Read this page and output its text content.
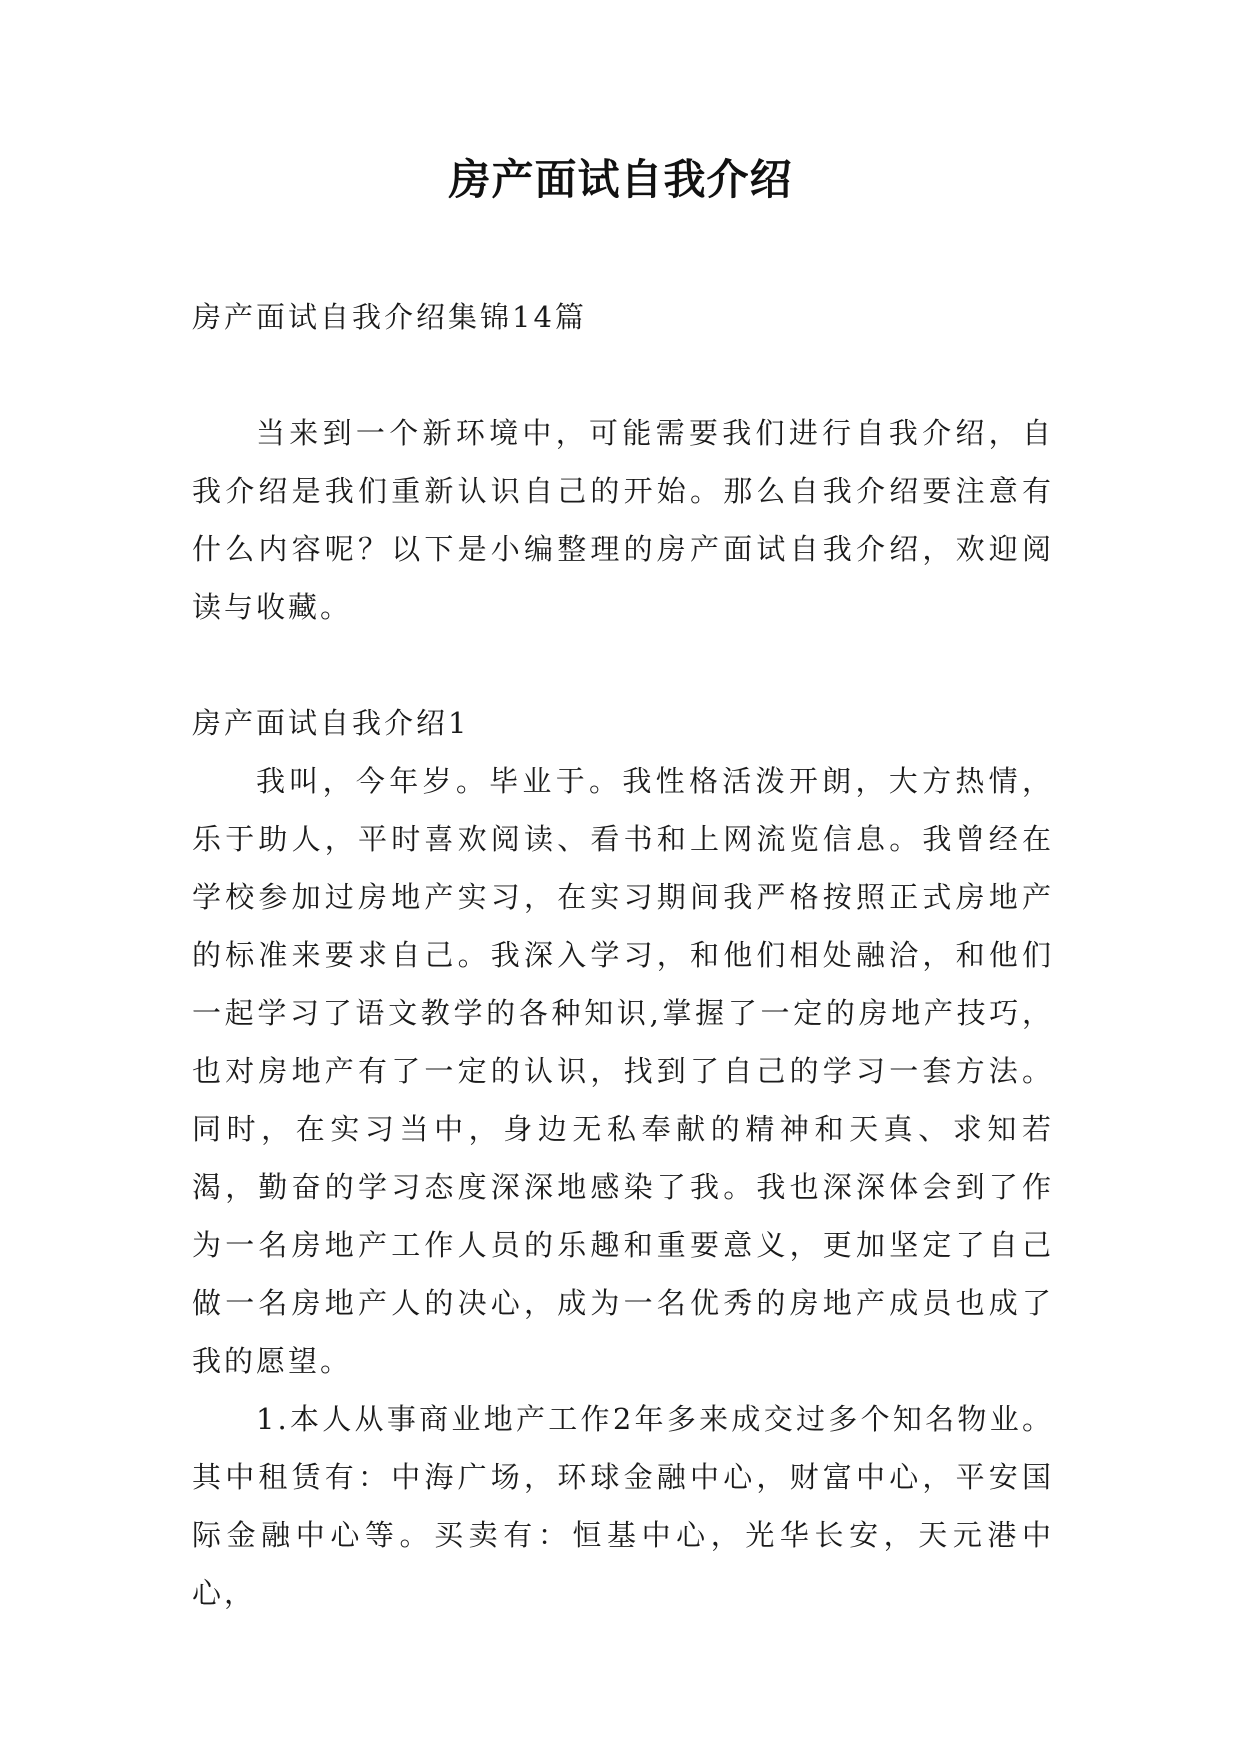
房产面试自我介绍

房产面试自我介绍集锦14篇

当来到一个新环境中，可能需要我们进行自我介绍，自我介绍是我们重新认识自己的开始。那么自我介绍要注意有什么内容呢？以下是小编整理的房产面试自我介绍，欢迎阅读与收藏。

房产面试自我介绍1

我叫，今年岁。毕业于。我性格活泼开朗，大方热情，乐于助人，平时喜欢阅读、看书和上网流览信息。我曾经在学校参加过房地产实习，在实习期间我严格按照正式房地产的标准来要求自己。我深入学习，和他们相处融洽，和他们一起学习了语文教学的各种知识,掌握了一定的房地产技巧，也对房地产有了一定的认识，找到了自己的学习一套方法。同时，在实习当中，身边无私奉献的精神和天真、求知若渴，勤奋的学习态度深深地感染了我。我也深深体会到了作为一名房地产工作人员的乐趣和重要意义，更加坚定了自己做一名房地产人的决心，成为一名优秀的房地产成员也成了我的愿望。

1.本人从事商业地产工作2年多来成交过多个知名物业。其中租赁有：中海广场，环球金融中心，财富中心，平安国际金融中心等。买卖有：恒基中心，光华长安，天元港中心，
